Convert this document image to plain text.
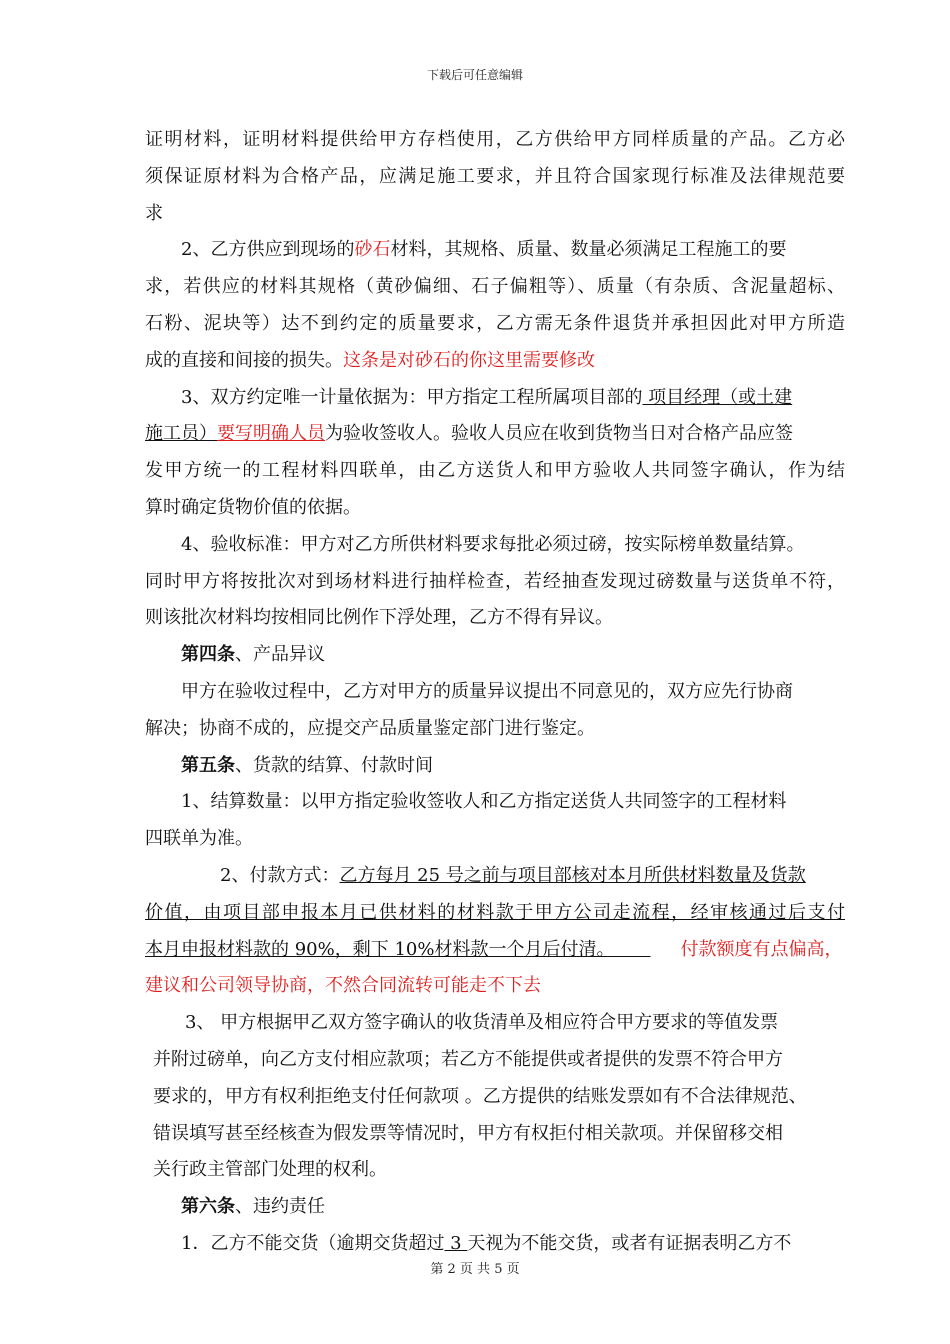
下载后可任意编辑
证明材料，证明材料提供给甲方存档使用，乙方供给甲方同样质量的产品。乙方必
须保证原材料为合格产品，应满足施工要求，并且符合国家现行标准及法律规范要
求
2、乙方供应到现场的砂石材料，其规格、质量、数量必须满足工程施工的要
求，若供应的材料其规格（黄砂偏细、石子偏粗等）、质量（有杂质、含泥量超标、
石粉、泥块等）达不到约定的质量要求，乙方需无条件退货并承担因此对甲方所造
成的直接和间接的损失。这条是对砂石的你这里需要修改
3、双方约定唯一计量依据为：甲方指定工程所属项目部的 项目经理（或土建
施工员）要写明确人员为验收签收人。验收人员应在收到货物当日对合格产品应签
发甲方统一的工程材料四联单，由乙方送货人和甲方验收人共同签字确认，作为结
算时确定货物价值的依据。
4、验收标准：甲方对乙方所供材料要求每批必须过磅，按实际榜单数量结算。
同时甲方将按批次对到场材料进行抽样检查，若经抽查发现过磅数量与送货单不符，
则该批次材料均按相同比例作下浮处理，乙方不得有异议。
第四条、产品异议
甲方在验收过程中，乙方对甲方的质量异议提出不同意见的，双方应先行协商
解决；协商不成的，应提交产品质量鉴定部门进行鉴定。
第五条、货款的结算、付款时间
1、结算数量：以甲方指定验收签收人和乙方指定送货人共同签字的工程材料
四联单为准。
2、付款方式：乙方每月 25 号之前与项目部核对本月所供材料数量及货款
价值，由项目部申报本月已供材料的材料款于甲方公司走流程，经审核通过后支付
本月申报材料款的 90%，剩下 10%材料款一个月后付清。  	付款额度有点偏高，
建议和公司领导协商，不然合同流转可能走不下去
3、 甲方根据甲乙双方签字确认的收货清单及相应符合甲方要求的等值发票
并附过磅单，向乙方支付相应款项；若乙方不能提供或者提供的发票不符合甲方
要求的，甲方有权利拒绝支付任何款项 。乙方提供的结账发票如有不合法律规范、
错误填写甚至经核查为假发票等情况时，甲方有权拒付相关款项。并保留移交相
关行政主管部门处理的权利。
第六条、违约责任
1．乙方不能交货（逾期交货超过 3 天视为不能交货，或者有证据表明乙方不
第 2 页 共 5 页
